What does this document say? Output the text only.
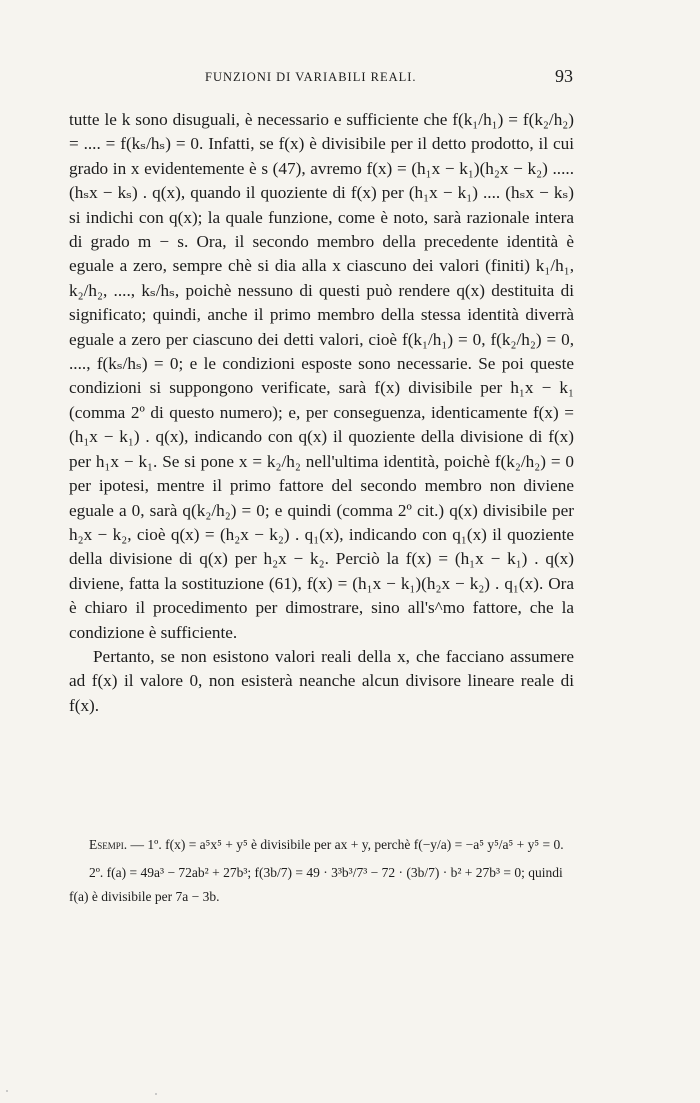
FUNZIONI DI VARIABILI REALI.	93

tutte le k sono disuguali, è necessario e sufficiente che f(k₁/h₁) = f(k₂/h₂) = .... = f(kₛ/hₛ) = 0. Infatti, se f(x) è divisibile per il detto prodotto, il cui grado in x evidentemente è s (47), avremo f(x) = (h₁x − k₁)(h₂x − k₂) ..... (hₛx − kₛ) . q(x), quando il quoziente di f(x) per (h₁x − k₁) .... (hₛx − kₛ) si indichi con q(x); la quale funzione, come è noto, sarà razionale intera di grado m − s. Ora, il secondo membro della precedente identità è eguale a zero, sempre chè si dia alla x ciascuno dei valori (finiti) k₁/h₁, k₂/h₂, ...., kₛ/hₛ, poichè nessuno di questi può rendere q(x) destituita di significato; quindi, anche il primo membro della stessa identità diverrà eguale a zero per ciascuno dei detti valori, cioè f(k₁/h₁) = 0, f(k₂/h₂) = 0, ...., f(kₛ/hₛ) = 0; e le condizioni esposte sono necessarie. Se poi queste condizioni si suppongono verificate, sarà f(x) divisibile per h₁x − k₁ (comma 2º di questo numero); e, per conseguenza, identicamente f(x) = (h₁x − k₁) . q(x), indicando con q(x) il quoziente della divisione di f(x) per h₁x − k₁. Se si pone x = k₂/h₂ nell'ultima identità, poichè f(k₂/h₂) = 0 per ipotesi, mentre il primo fattore del secondo membro non diviene eguale a 0, sarà q(k₂/h₂) = 0; e quindi (comma 2º cit.) q(x) divisibile per h₂x − k₂, cioè q(x) = (h₂x − k₂) . q₁(x), indicando con q₁(x) il quoziente della divisione di q(x) per h₂x − k₂. Perciò la f(x) = (h₁x − k₁) . q(x) diviene, fatta la sostituzione (61), f(x) = (h₁x − k₁)(h₂x − k₂) . q₁(x). Ora è chiaro il procedimento per dimostrare, sino all's^mo fattore, che la condizione è sufficiente.

Pertanto, se non esistono valori reali della x, che facciano assumere ad f(x) il valore 0, non esisterà neanche alcun divisore lineare reale di f(x).

Esempi. — 1º. f(x) = a⁵x⁵ + y⁵ è divisibile per ax + y, perchè f(−y/a) = −a⁵ y⁵/a⁵ + y⁵ = 0.

2º. f(a) = 49a³ − 72ab² + 27b³; f(3b/7) = 49 · 3³b³/7³ − 72 · (3b/7) · b² + 27b³ = 0; quindi f(a) è divisibile per 7a − 3b.
